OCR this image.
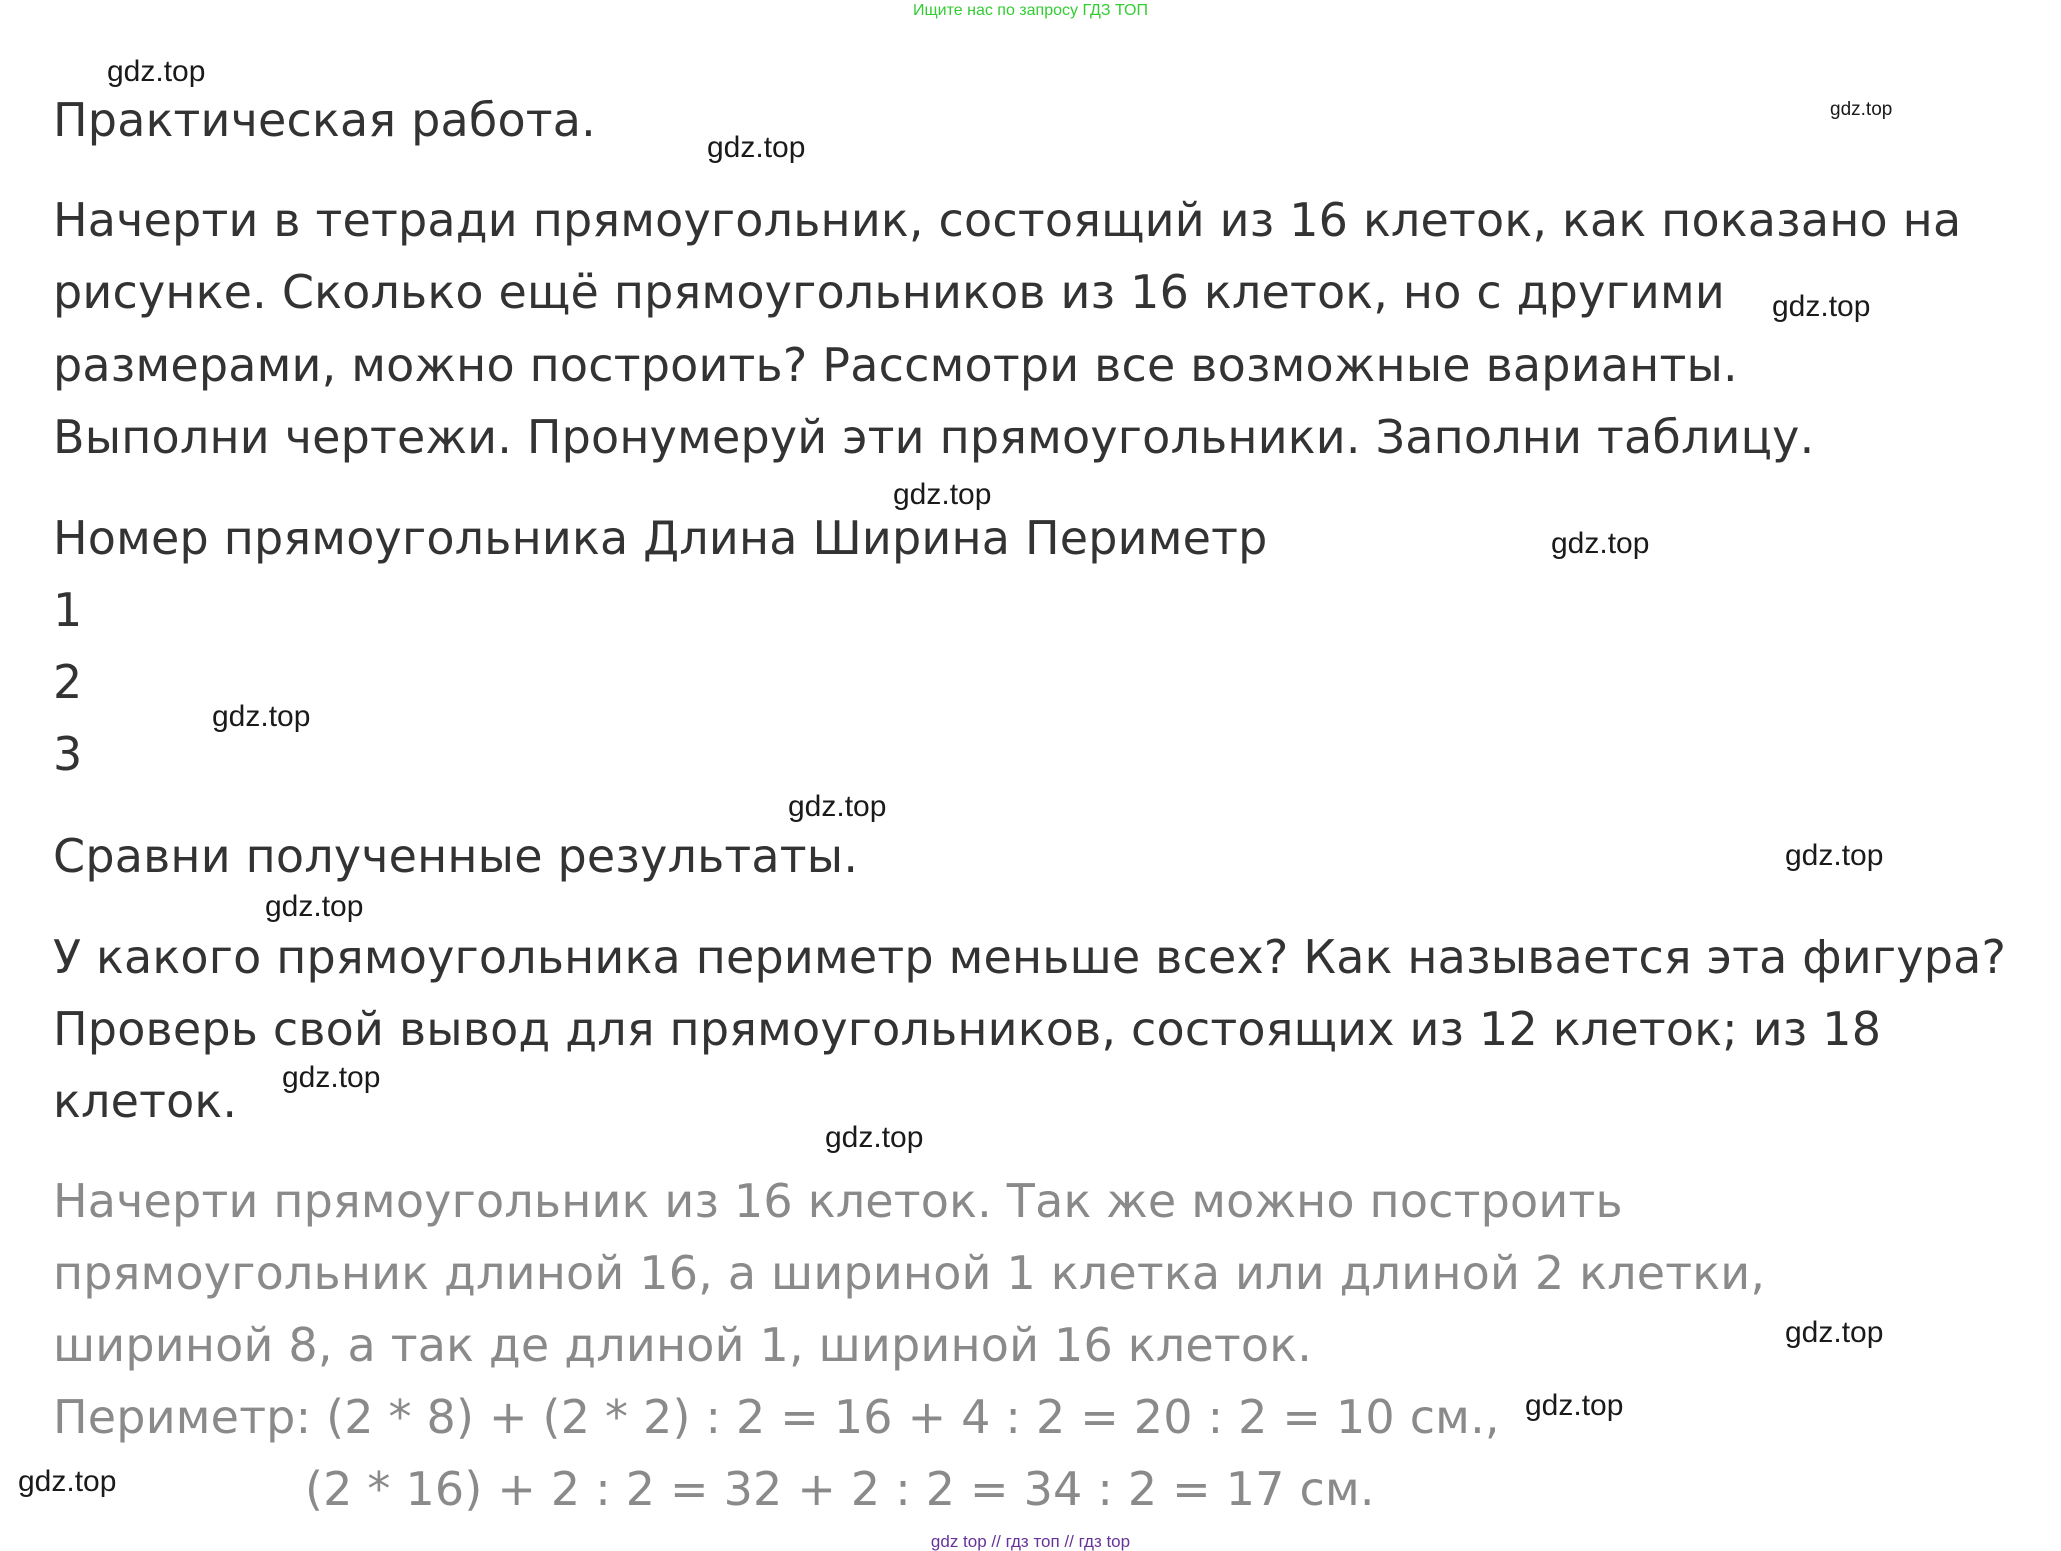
Ищите нас по запросу ГДЗ ТОП
gdz.top
Практическая работа.	gdz.top
gdz.top
Начерти в тетради прямоугольник, состоящий из 16 клеток, как показано на
рисунке. Сколько ещё прямоугольников из 16 клеток, но с другими gdz.top
размерами, можно построить? Рассмотри все возможные варианты.
Выполни чертежи. Пронумеруй эти прямоугольники. Заполни таблицу.
gdz.top
Номер прямоугольника Длина Ширина Периметр	gdz.top
1
2
gdz.top
3
gdz.top
Сравни полученные результаты.	gdz.top
gdz.top
У какого прямоугольника периметр меньше всех? Как называется эта фигура?
Проверь свой вывод для прямоугольников, состоящих из 12 клеток; из 18
gdz.top
клеток.
gdz.top
Начерти прямоугольник из 16 клеток. Так же можно построить
прямоугольник длиной 16, а шириной 1 клетка или длиной 2 клетки,
gdz.top
шириной 8, а так де длиной 1, шириной 16 клеток.
gdz.top
Периметр: (2 * 8) + (2 * 2) : 2 = 16 + 4 : 2 = 20 : 2 = 10 см.,
gdz.top	(2 * 16) + 2 : 2 = 32 + 2 : 2 = 34 : 2 = 17 см.
gdz top // гдз топ // гдз top
